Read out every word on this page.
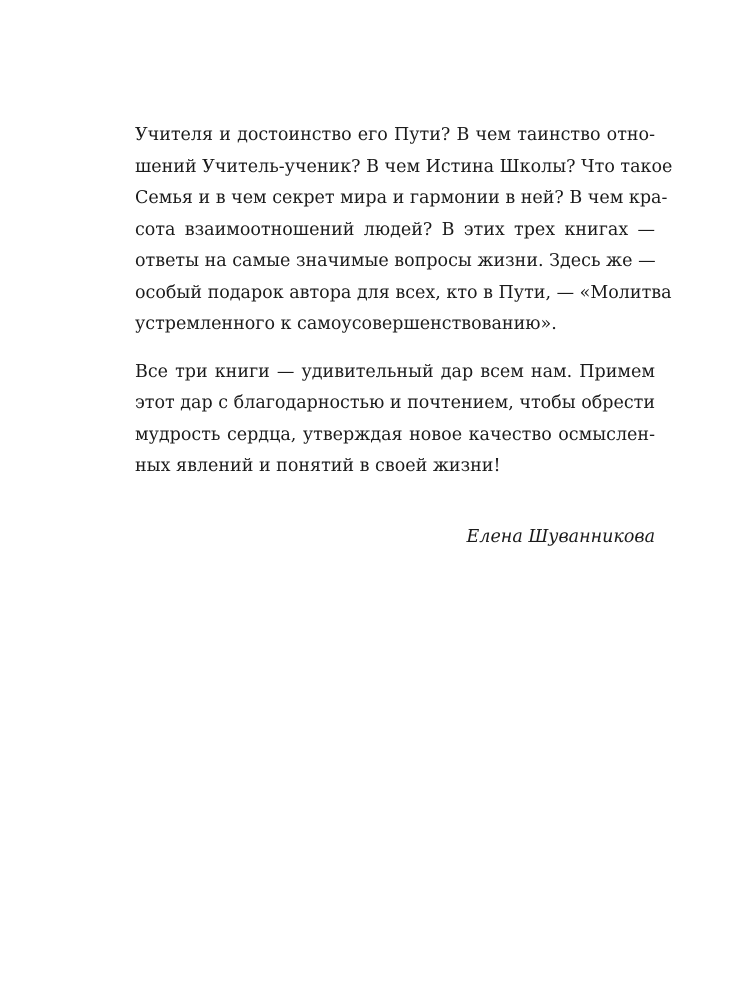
Учителя и достоинство его Пути? В чем таинство отно-
шений Учитель-ученик? В чем Истина Школы? Что такое
Семья и в чем секрет мира и гармонии в ней? В чем кра-
сота взаимоотношений людей? В этих трех книгах —
ответы на самые значимые вопросы жизни. Здесь же —
особый подарок автора для всех, кто в Пути, — «Молитва
устремленного к самоусовершенствованию».
Все три книги — удивительный дар всем нам. Примем
этот дар с благодарностью и почтением, чтобы обрести
мудрость сердца, утверждая новое качество осмыслен-
ных явлений и понятий в своей жизни!
Елена Шуванникова
